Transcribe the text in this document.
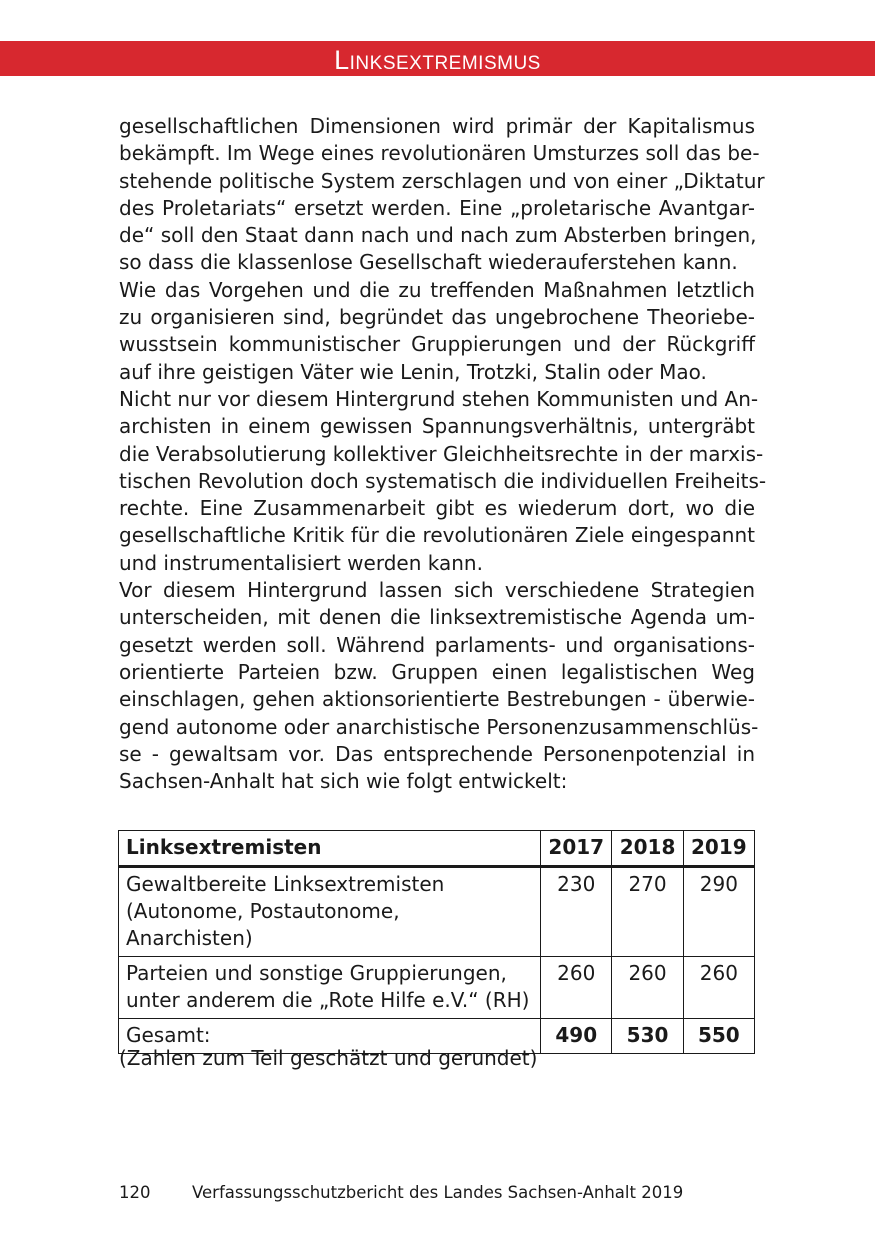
Linksextremismus
gesellschaftlichen Dimensionen wird primär der Kapitalismus
bekämpft. Im Wege eines revolutionären Umsturzes soll das be-
stehende politische System zerschlagen und von einer „Diktatur
des Proletariats“ ersetzt werden. Eine „proletarische Avantgar-
de“ soll den Staat dann nach und nach zum Absterben bringen,
so dass die klassenlose Gesellschaft wiederauferstehen kann.
Wie das Vorgehen und die zu treffenden Maßnahmen letztlich
zu organisieren sind, begründet das ungebrochene Theoriebe-
wusstsein kommunistischer Gruppierungen und der Rückgriff
auf ihre geistigen Väter wie Lenin, Trotzki, Stalin oder Mao.
Nicht nur vor diesem Hintergrund stehen Kommunisten und An-
archisten in einem gewissen Spannungsverhältnis, untergräbt
die Verabsolutierung kollektiver Gleichheitsrechte in der marxis-
tischen Revolution doch systematisch die individuellen Freiheits-
rechte. Eine Zusammenarbeit gibt es wiederum dort, wo die
gesellschaftliche Kritik für die revolutionären Ziele eingespannt
und instrumentalisiert werden kann.
Vor diesem Hintergrund lassen sich verschiedene Strategien
unterscheiden, mit denen die linksextremistische Agenda um-
gesetzt werden soll. Während parlaments- und organisations-
orientierte Parteien bzw. Gruppen einen legalistischen Weg
einschlagen, gehen aktionsorientierte Bestrebungen - überwie-
gend autonome oder anarchistische Personenzusammenschlüs-
se - gewaltsam vor. Das entsprechende Personenpotenzial in
Sachsen-Anhalt hat sich wie folgt entwickelt:
Linksextremisten	2017	2018	2019

Gewaltbereite Linksextremisten
(Autonome, Postautonome,
Anarchisten)	230	270	290

Parteien und sonstige Gruppierungen,
unter anderem die „Rote Hilfe e.V.“ (RH)	260	260	260
Gesamt:	490	530	550
(Zahlen zum Teil geschätzt und gerundet)
120	Verfassungsschutzbericht des Landes Sachsen-Anhalt 2019
